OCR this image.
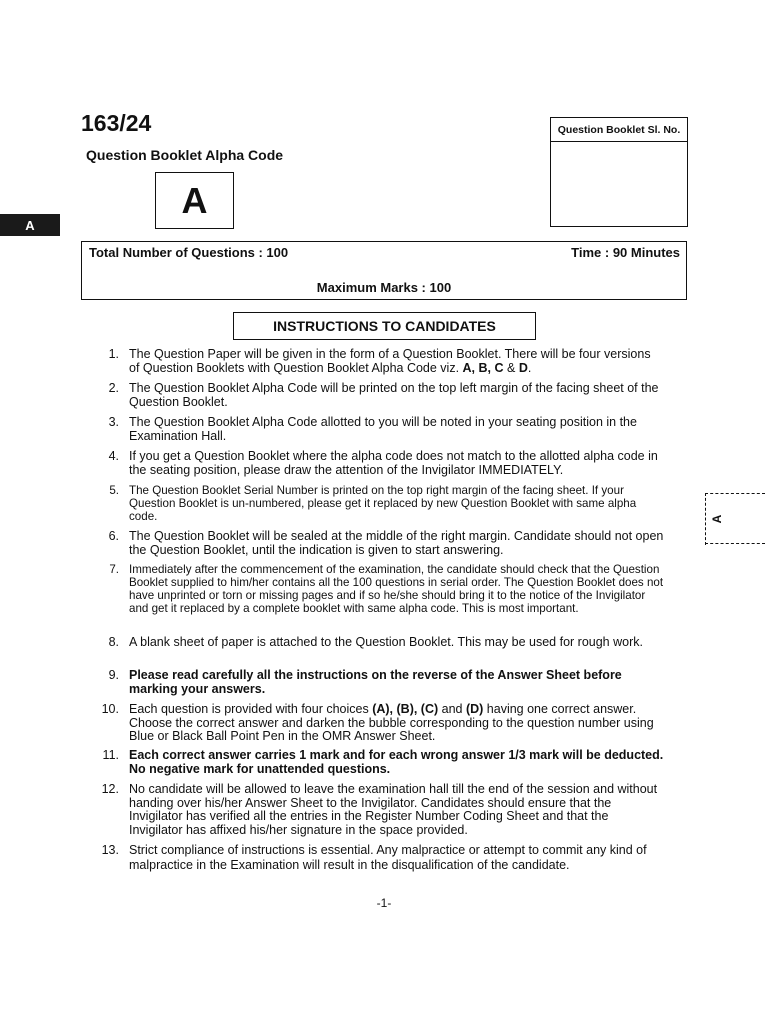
163/24
Question Booklet Alpha Code
A
A
Question Booklet Sl. No.
Total Number of Questions : 100	Time : 90 Minutes
Maximum Marks : 100
INSTRUCTIONS TO CANDIDATES
1. The Question Paper will be given in the form of a Question Booklet. There will be four versions of Question Booklets with Question Booklet Alpha Code viz. A, B, C & D.
2. The Question Booklet Alpha Code will be printed on the top left margin of the facing sheet of the Question Booklet.
3. The Question Booklet Alpha Code allotted to you will be noted in your seating position in the Examination Hall.
4. If you get a Question Booklet where the alpha code does not match to the allotted alpha code in the seating position, please draw the attention of the Invigilator IMMEDIATELY.
5. The Question Booklet Serial Number is printed on the top right margin of the facing sheet. If your Question Booklet is un-numbered, please get it replaced by new Question Booklet with same alpha code.
6. The Question Booklet will be sealed at the middle of the right margin. Candidate should not open the Question Booklet, until the indication is given to start answering.
7. Immediately after the commencement of the examination, the candidate should check that the Question Booklet supplied to him/her contains all the 100 questions in serial order. The Question Booklet does not have unprinted or torn or missing pages and if so he/she should bring it to the notice of the Invigilator and get it replaced by a complete booklet with same alpha code. This is most important.
8. A blank sheet of paper is attached to the Question Booklet. This may be used for rough work.
9. Please read carefully all the instructions on the reverse of the Answer Sheet before marking your answers.
10. Each question is provided with four choices (A), (B), (C) and (D) having one correct answer. Choose the correct answer and darken the bubble corresponding to the question number using Blue or Black Ball Point Pen in the OMR Answer Sheet.
11. Each correct answer carries 1 mark and for each wrong answer 1/3 mark will be deducted. No negative mark for unattended questions.
12. No candidate will be allowed to leave the examination hall till the end of the session and without handing over his/her Answer Sheet to the Invigilator. Candidates should ensure that the Invigilator has verified all the entries in the Register Number Coding Sheet and that the Invigilator has affixed his/her signature in the space provided.
13. Strict compliance of instructions is essential. Any malpractice or attempt to commit any kind of malpractice in the Examination will result in the disqualification of the candidate.
-1-
A
